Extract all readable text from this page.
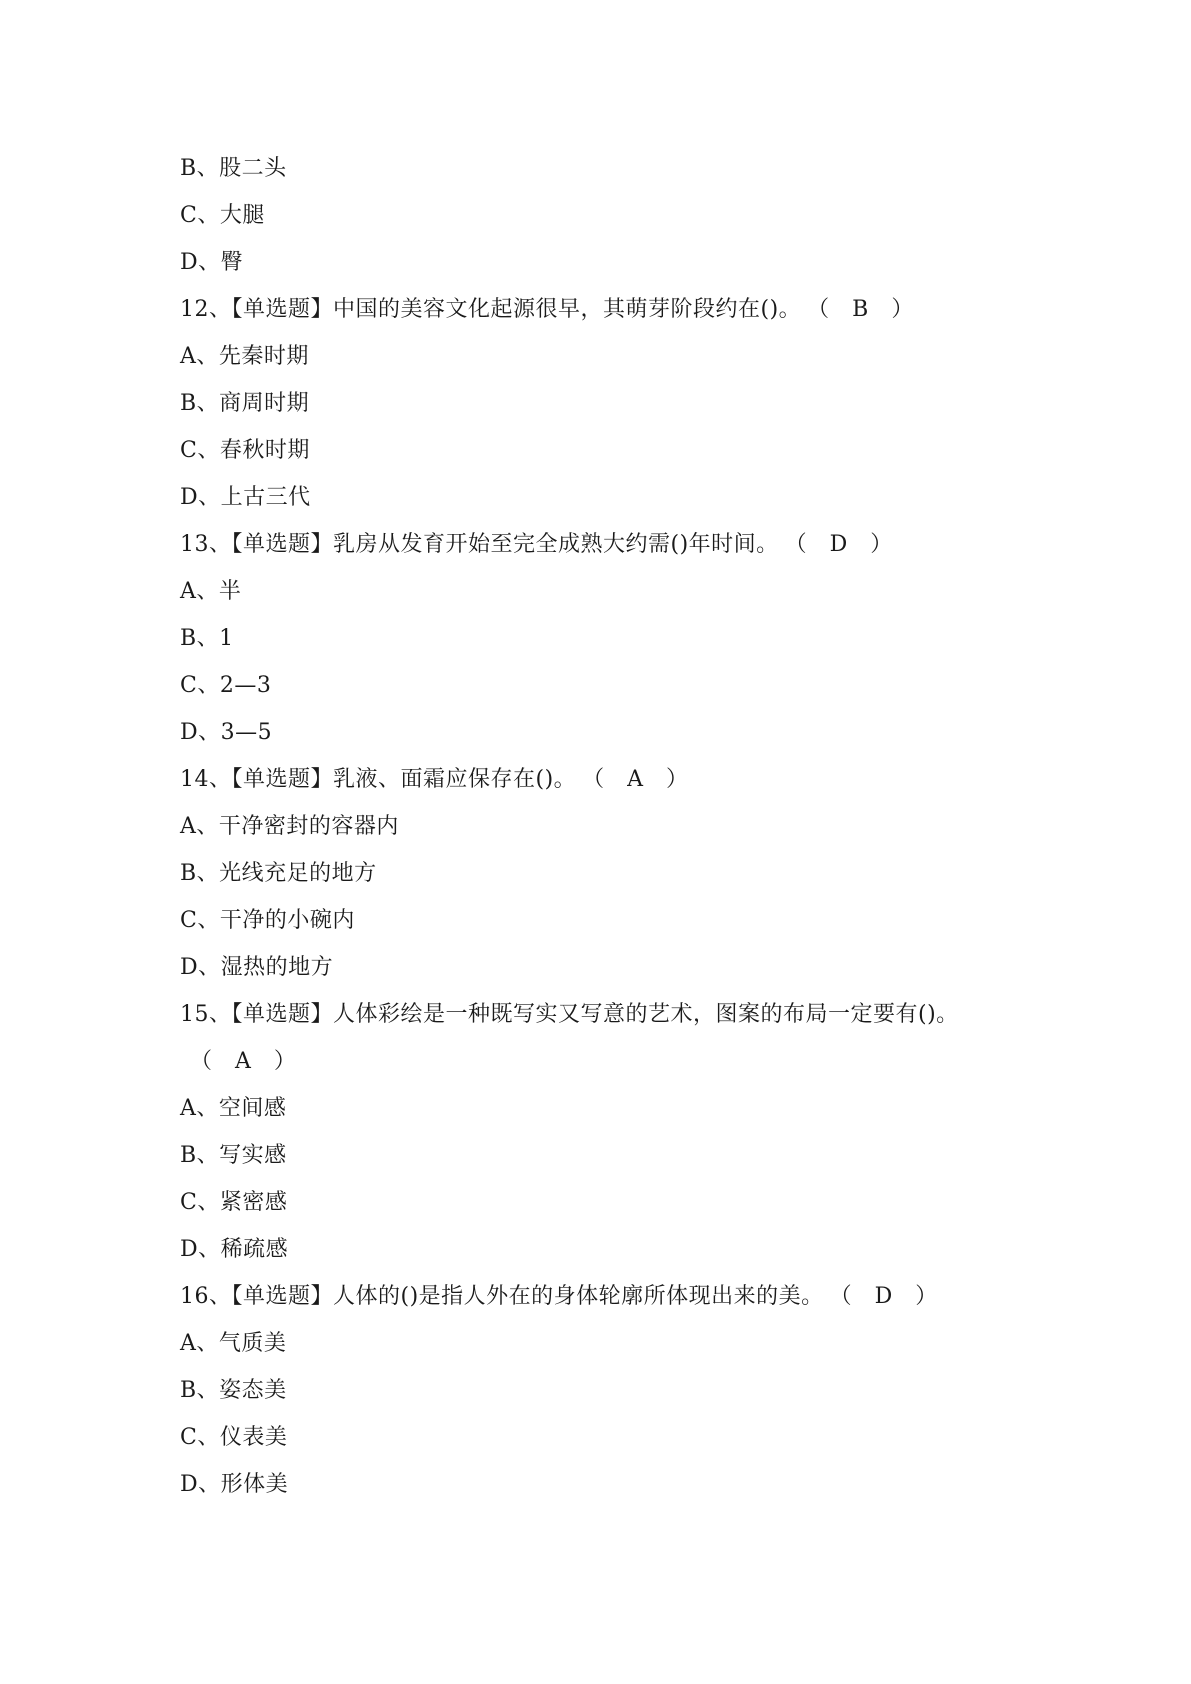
B、股二头
C、大腿
D、臀
12、【单选题】中国的美容文化起源很早，其萌芽阶段约在()。 （　B　）
A、先秦时期
B、商周时期
C、春秋时期
D、上古三代
13、【单选题】乳房从发育开始至完全成熟大约需()年时间。 （　D　）
A、半
B、1
C、2—3
D、3—5
14、【单选题】乳液、面霜应保存在()。 （　A　）
A、干净密封的容器内
B、光线充足的地方
C、干净的小碗内
D、湿热的地方
15、【单选题】人体彩绘是一种既写实又写意的艺术，图案的布局一定要有()。
（　A　）
A、空间感
B、写实感
C、紧密感
D、稀疏感
16、【单选题】人体的()是指人外在的身体轮廓所体现出来的美。 （　D　）
A、气质美
B、姿态美
C、仪表美
D、形体美
